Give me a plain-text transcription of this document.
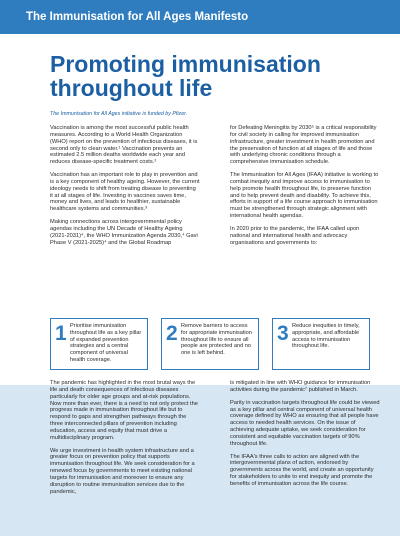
The Immunisation for All Ages Manifesto
Promoting immunisation
throughout life
The Immunisation for All Ages initiative is funded by Pfizer.

Vaccination is among the most successful public health measures. According to a World Health Organization (WHO) report on the prevention of infectious diseases, it is second only to clean water.¹ Vaccination prevents an estimated 2.5 million deaths worldwide each year and reduces disease-specific treatment costs.²

Vaccination has an important role to play in prevention and is a key component of healthy ageing. However, the current ideology needs to shift from treating disease to preventing it at all stages of life. Investing in vaccines saves time, money and lives, and leads to healthier, sustainable healthcare systems and communities.³

Making connections across intergovernmental policy agendas including the UN Decade of Healthy Ageing (2021-2031)⁴, the WHO Immunization Agenda 2030,⁴ Gavi Phase V (2021-2025)⁴ and the Global Roadmap

for Defeating Meningitis by 2030⁵ is a critical responsibility for civil society in calling for improved immunisation infrastructure, greater investment in health promotion and the preservation of function at all stages of life and those with underlying chronic conditions through a comprehensive immunisation schedule.

The Immunisation for All Ages (IFAA) initiative is working to combat inequity and improve access to immunisation to help promote health throughout life, to preserve function and to help prevent death and disability. To achieve this, efforts in support of a life course approach to immunisation must be strengthened through strategic alignment with international health agendas.

In 2020 prior to the pandemic, the IFAA called upon national and international health and advocacy organisations and governments to:

1 Prioritise immunisation throughout life as a key pillar of expanded prevention strategies and a central component of universal health coverage.
2 Remove barriers to access for appropriate immunisation throughout life to ensure all people are protected and no one is left behind.
3 Reduce inequities in timely, appropriate, and affordable access to immunisation throughout life.

The pandemic has highlighted in the most brutal ways the life and death consequences of infectious diseases particularly for older age groups and at-risk populations. Now more than ever, there is a need to not only protect the progress made in immunisation throughout life but to respond to gaps and strengthen pathways through the three interconnected pillars of prevention including education, access and equity that must drive a multidisciplinary program.

We urge investment in health system infrastructure and a greater focus on prevention policy that supports immunisation throughout life. We seek consideration for a renewed focus by governments to meet existing national targets for immunisation and moreover to ensure any disruption to routine immunisation services due to the pandemic,

is mitigated in line with WHO guidance for immunisation activities during the pandemic⁷ published in March.

Parity in vaccination targets throughout life could be viewed as a key pillar and central component of universal health coverage defined by WHO as ensuring that all people have access to needed health services. On the issue of achieving adequate uptake, we seek consideration for consistent and equitable vaccination targets of 90% throughout life.

The IFAA's three calls to action are aligned with the intergovernmental plans of action, endorsed by governments across the world, and create an opportunity for stakeholders to unite to end inequity and promote the benefits of immunisation across the life course.
